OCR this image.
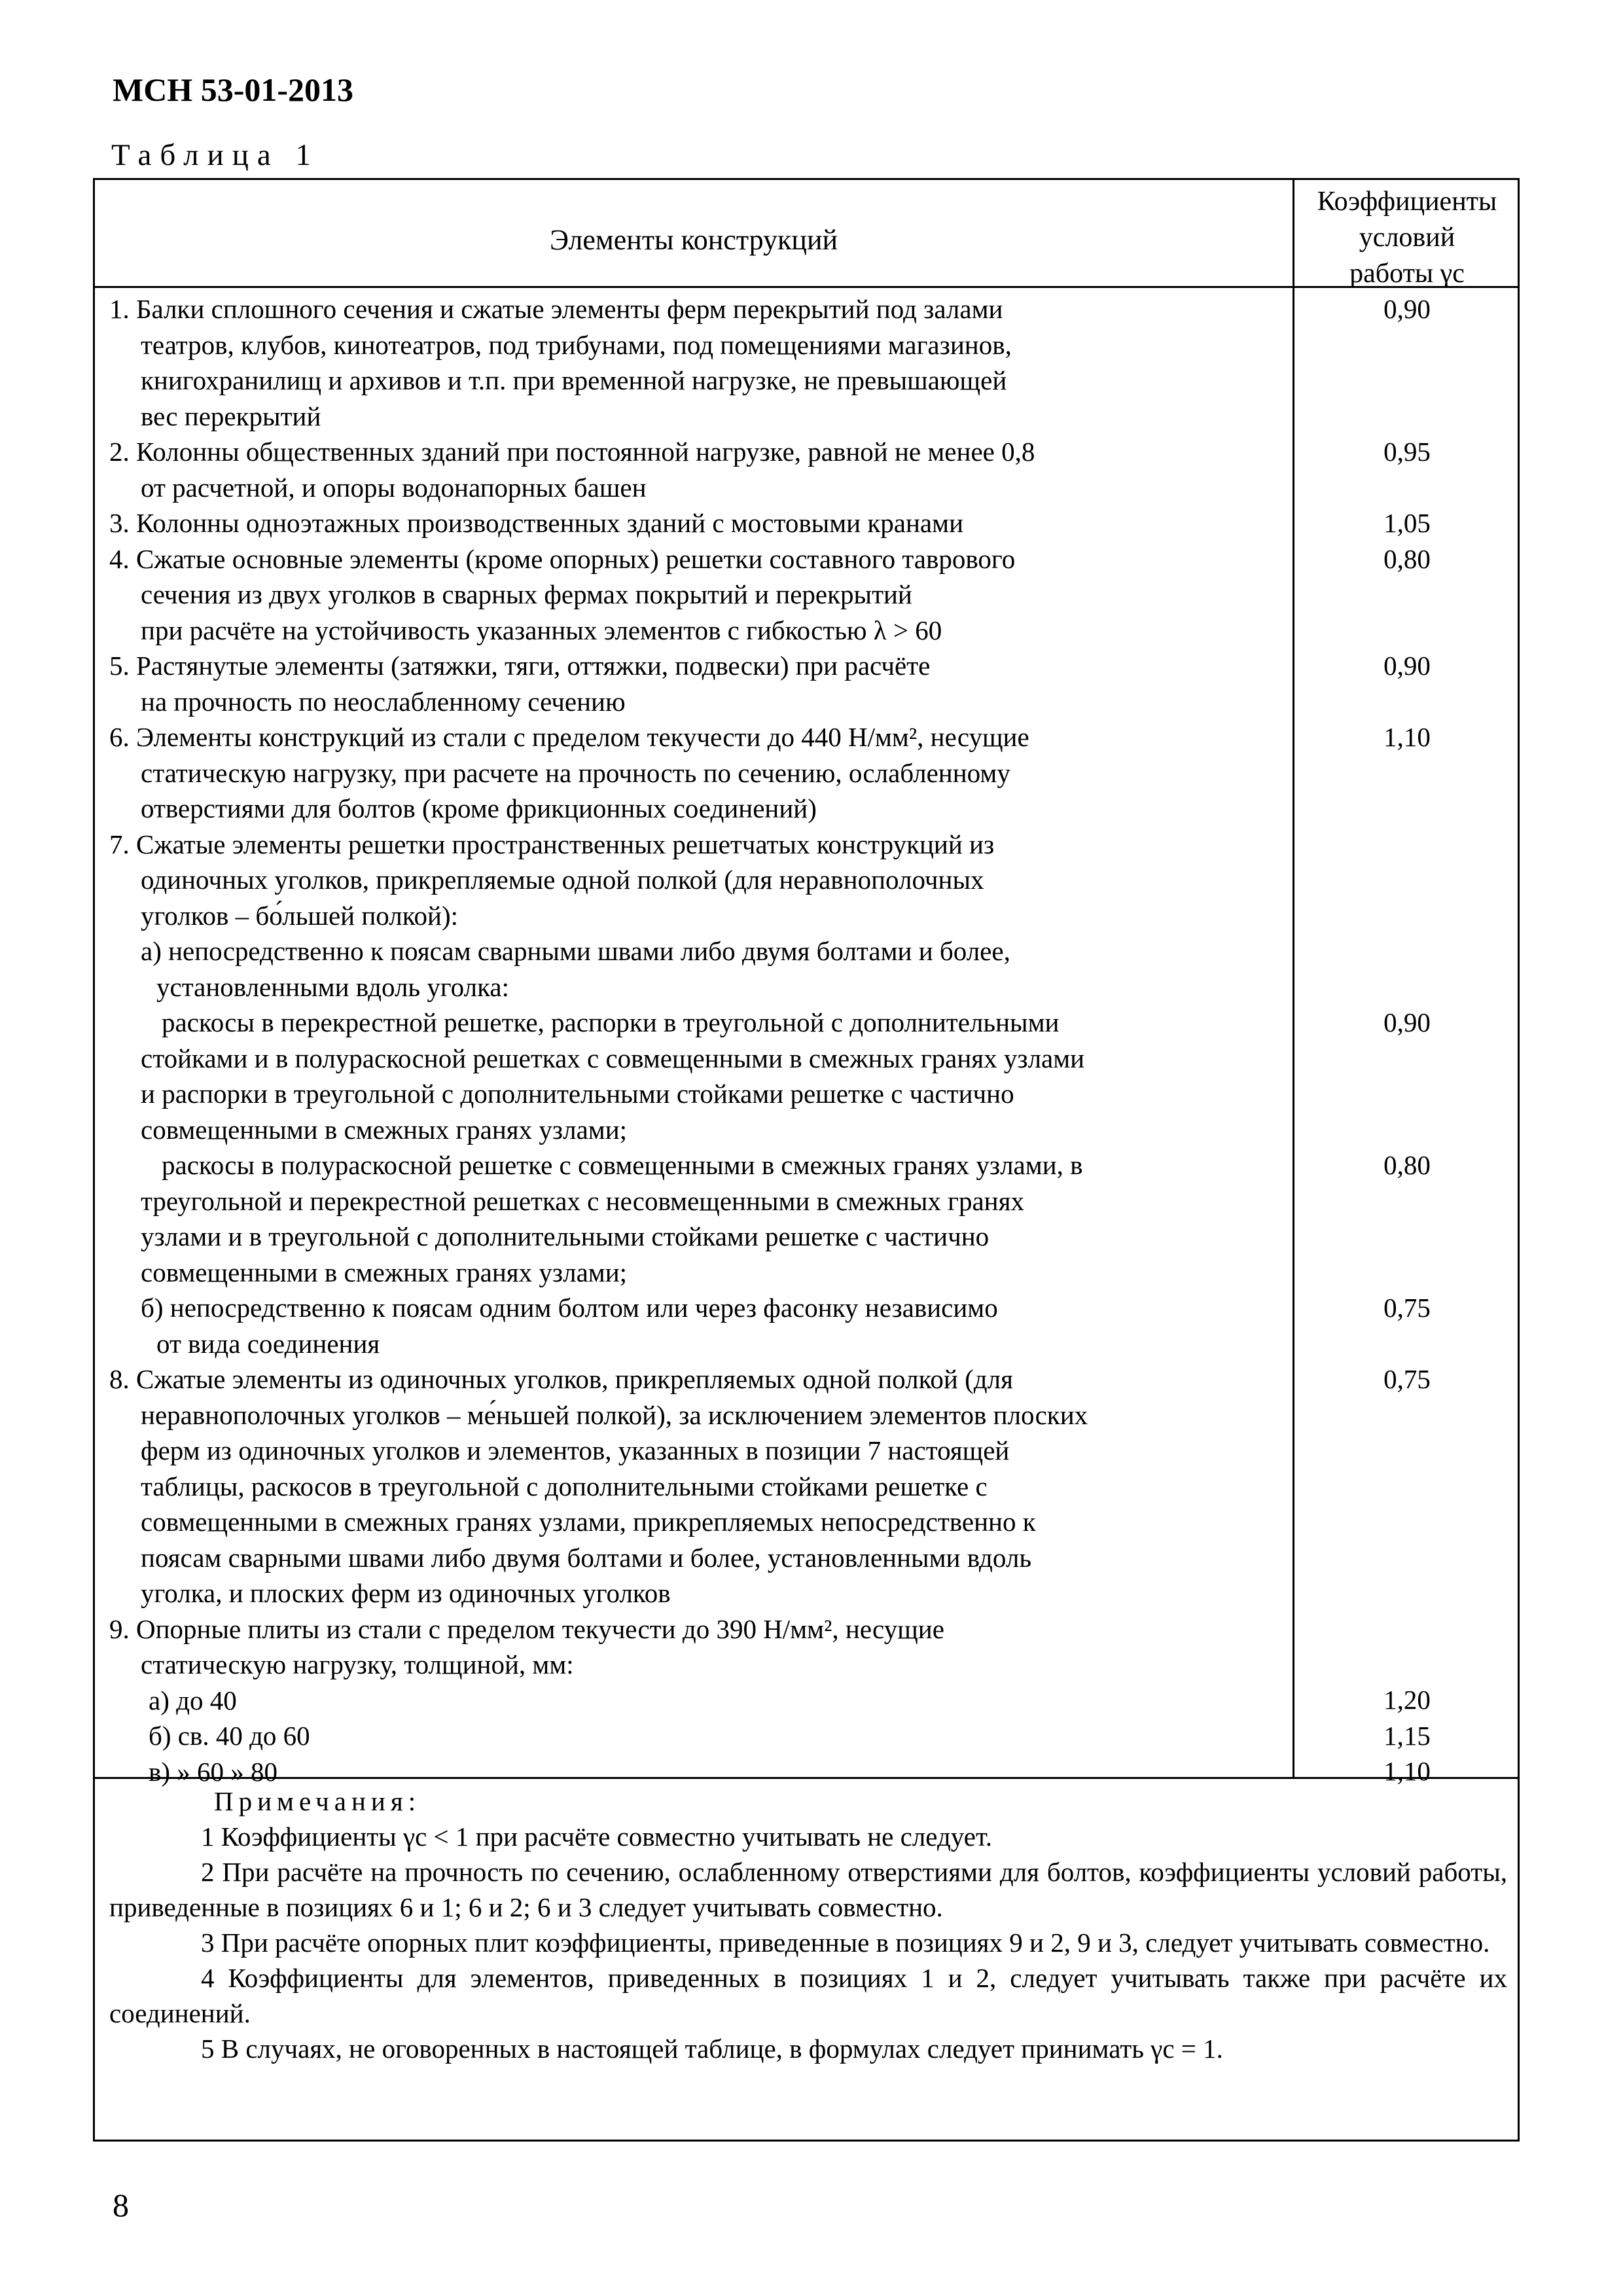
МСН 53-01-2013
Таблица 1
Элементы конструкций
Коэффициенты
условий
работы γc
1. Балки сплошного сечения и сжатые элементы ферм перекрытий под залами
театров, клубов, кинотеатров, под трибунами, под помещениями магазинов,
книгохранилищ и архивов и т.п. при временной нагрузке, не превышающей
вес перекрытий
2. Колонны общественных зданий при постоянной нагрузке, равной не менее 0,8
от расчетной, и опоры водонапорных башен
3. Колонны одноэтажных производственных зданий с мостовыми кранами
4. Сжатые основные элементы (кроме опорных) решетки составного таврового
сечения из двух уголков в сварных фермах покрытий и перекрытий
при расчёте на устойчивость указанных элементов с гибкостью λ > 60
5. Растянутые элементы (затяжки, тяги, оттяжки, подвески) при расчёте
на прочность по неослабленному сечению
6. Элементы конструкций из стали с пределом текучести до 440 Н/мм², несущие
статическую нагрузку, при расчете на прочность по сечению, ослабленному
отверстиями для болтов (кроме фрикционных соединений)
7. Сжатые элементы решетки пространственных решетчатых конструкций из
одиночных уголков, прикрепляемые одной полкой (для неравнополочных
уголков – бо́льшей полкой):
а) непосредственно к поясам сварными швами либо двумя болтами и более,
установленными вдоль уголка:
раскосы в перекрестной решетке, распорки в треугольной с дополнительными
стойками и в полураскосной решетках с совмещенными в смежных гранях узлами
и распорки в треугольной с дополнительными стойками решетке с частично
совмещенными в смежных гранях узлами;
раскосы в полураскосной решетке с совмещенными в смежных гранях узлами, в
треугольной и перекрестной решетках с несовмещенными в смежных гранях
узлами и в треугольной с дополнительными стойками решетке с частично
совмещенными в смежных гранях узлами;
б) непосредственно к поясам одним болтом или через фасонку независимо
от вида соединения
8. Сжатые элементы из одиночных уголков, прикрепляемых одной полкой (для
неравнополочных уголков – ме́ньшей полкой), за исключением элементов плоских
ферм из одиночных уголков и элементов, указанных в позиции 7 настоящей
таблицы, раскосов в треугольной с дополнительными стойками решетке с
совмещенными в смежных гранях узлами, прикрепляемых непосредственно к
поясам сварными швами либо двумя болтами и более, установленными вдоль
уголка, и плоских ферм из одиночных уголков
9. Опорные плиты из стали с пределом текучести до 390 Н/мм², несущие
статическую нагрузку, толщиной, мм:
а) до 40
б) св. 40 до 60
в) » 60 » 80
0,90
0,95
1,05
0,80
0,90
1,10
0,90
0,80
0,75
0,75
1,20
1,15
1,10
Примечания:
1 Коэффициенты γc < 1 при расчёте совместно учитывать не следует.
2 При расчёте на прочность по сечению, ослабленному отверстиями для болтов, коэффициенты условий работы, приведенные в позициях 6 и 1; 6 и 2; 6 и 3 следует учитывать совместно.
3 При расчёте опорных плит коэффициенты, приведенные в позициях 9 и 2, 9 и 3, следует учитывать совместно.
4 Коэффициенты для элементов, приведенных в позициях 1 и 2, следует учитывать также при расчёте их соединений.
5 В случаях, не оговоренных в настоящей таблице, в формулах следует принимать γc = 1.
8
